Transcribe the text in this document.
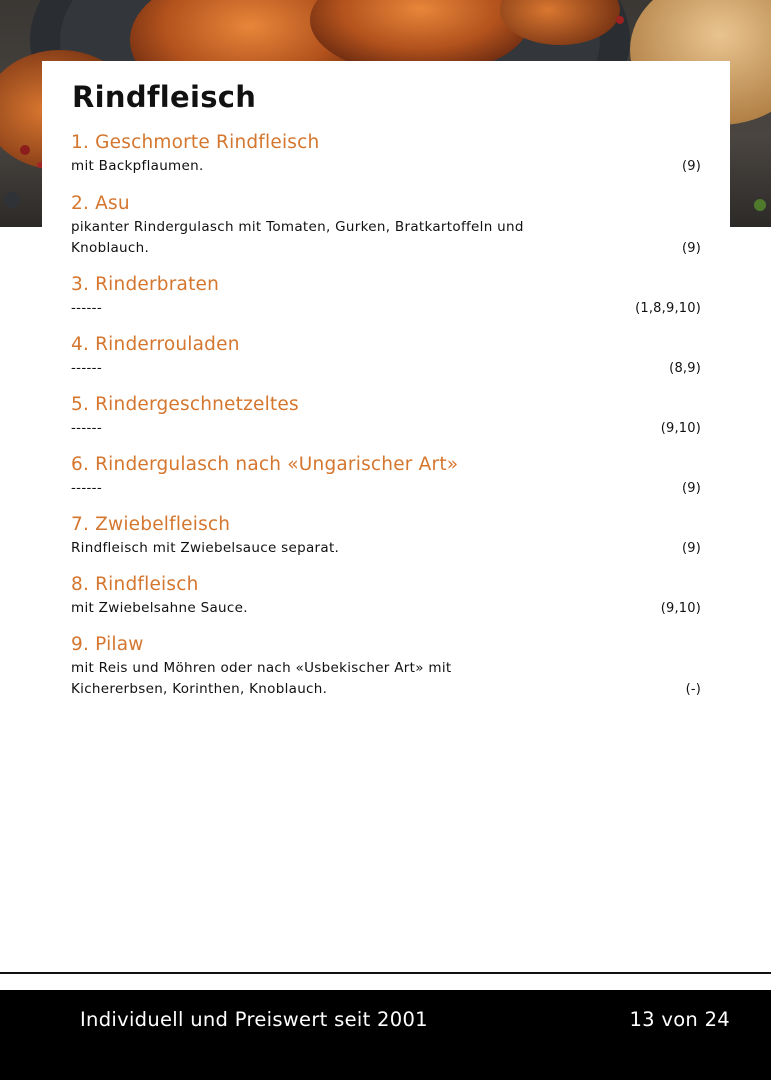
Rindfleisch

1. Geschmorte Rindfleisch

mit Backpflaumen.	(9)

2. Asu

pikanter Rindergulasch mit Tomaten, Gurken, Bratkartoffeln und Knoblauch.	(9)

3. Rinderbraten

------	(1,8,9,10)

4. Rinderrouladen

------	(8,9)

5. Rindergeschnetzeltes

------	(9,10)

6. Rindergulasch nach «Ungarischer Art»

------	(9)

7. Zwiebelfleisch

Rindfleisch mit Zwiebelsauce separat.	(9)

8. Rindfleisch

mit Zwiebelsahne Sauce.	(9,10)

9. Pilaw

mit Reis und Möhren oder nach «Usbekischer Art» mit Kichererbsen, Korinthen, Knoblauch.	(-)
Individuell und Preiswert seit 2001	13 von 24
